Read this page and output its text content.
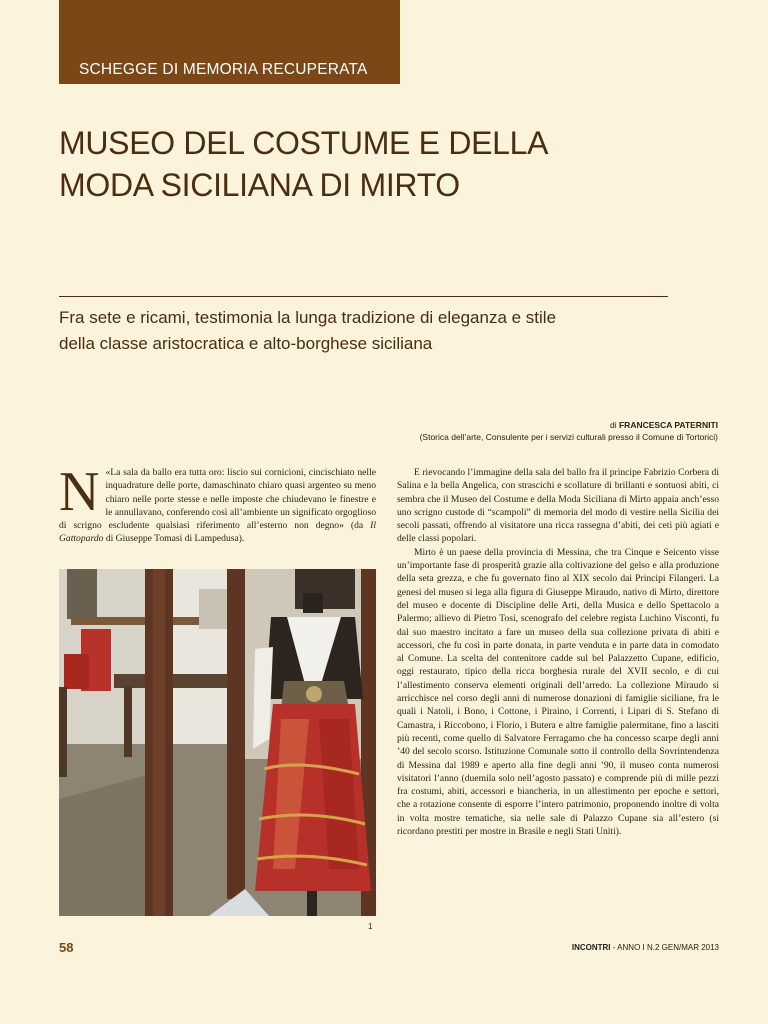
SCHEGGE DI MEMORIA RECUPERATA
MUSEO DEL COSTUME E DELLA
MODA SICILIANA DI MIRTO
Fra sete e ricami, testimonia la lunga tradizione di eleganza e stile
della classe aristocratica e alto-borghese siciliana
di FRANCESCA PATERNITI
(Storica dell’arte, Consulente per i servizi culturali presso il Comune di Tortorici)
N «La sala da ballo era tutta oro: liscio sui cornicioni, cincischiato nelle inquadrature delle porte, damaschinato chiaro quasi argenteo su meno chiaro nelle porte stesse e nelle imposte che chiudevano le finestre e le annullavano, conferendo così all’ambiente un significato orgoglioso di scrigno escludente qualsiasi riferimento all’esterno non degno» (da Il Gattopardo di Giuseppe Tomasi di Lampedusa).

1

E rievocando l’immagine della sala del ballo fra il principe Fabrizio Corbera di Salina e la bella Angelica, con strascichi e scollature di brillanti e sontuosi abiti, ci sembra che il Museo del Costume e della Moda Siciliana di Mirto appaia anch’esso uno scrigno custode di “scampoli” di memoria del modo di vestire nella Sicilia dei secoli passati, offrendo al visitatore una ricca rassegna d’abiti, dei ceti più agiati e delle classi popolari.

Mirto è un paese della provincia di Messina, che tra Cinque e Seicento visse un’importante fase di prosperità grazie alla coltivazione del gelso e alla produzione della seta grezza, e che fu governato fino al XIX secolo dai Principi Filangeri. La genesi del museo si lega alla figura di Giuseppe Miraudo, nativo di Mirto, direttore del museo e docente di Discipline delle Arti, della Musica e dello Spettacolo a Palermo; allievo di Pietro Tosi, scenografo del celebre regista Luchino Visconti, fu dal suo maestro incitato a fare un museo della sua collezione privata di abiti e accessori, che fu così in parte donata, in parte venduta e in parte data in comodato al Comune. La scelta del contenitore cadde sul bel Palazzetto Cupane, edificio, oggi restaurato, tipico della ricca borghesia rurale del XVII secolo, e di cui l’allestimento conserva elementi originali dell’arredo. La collezione Miraudo si arricchisce nel corso degli anni di numerose donazioni di famiglie siciliane, fra le quali i Natoli, i Bono, i Cottone, i Piraino, i Correnti, i Lipari di S. Stefano di Camastra, i Riccobono, i Florio, i Butera e altre famiglie palermitane, fino a lasciti più recenti, come quello di Salvatore Ferragamo che ha concesso scarpe degli anni ’40 del secolo scorso. Istituzione Comunale sotto il controllo della Sovrintendenza di Messina dal 1989 e aperto alla fine degli anni ’90, il museo conta numerosi visitatori l’anno (duemila solo nell’agosto passato) e comprende più di mille pezzi fra costumi, abiti, accessori e biancheria, in un allestimento per epoche e settori, che a rotazione consente di esporre l’intero patrimonio, proponendo inoltre di volta in volta mostre tematiche, sia nelle sale di Palazzo Cupane sia all’estero (si ricordano prestiti per mostre in Brasile e negli Stati Uniti).

58	INCONTRI - ANNO I N.2 GEN/MAR 2013
